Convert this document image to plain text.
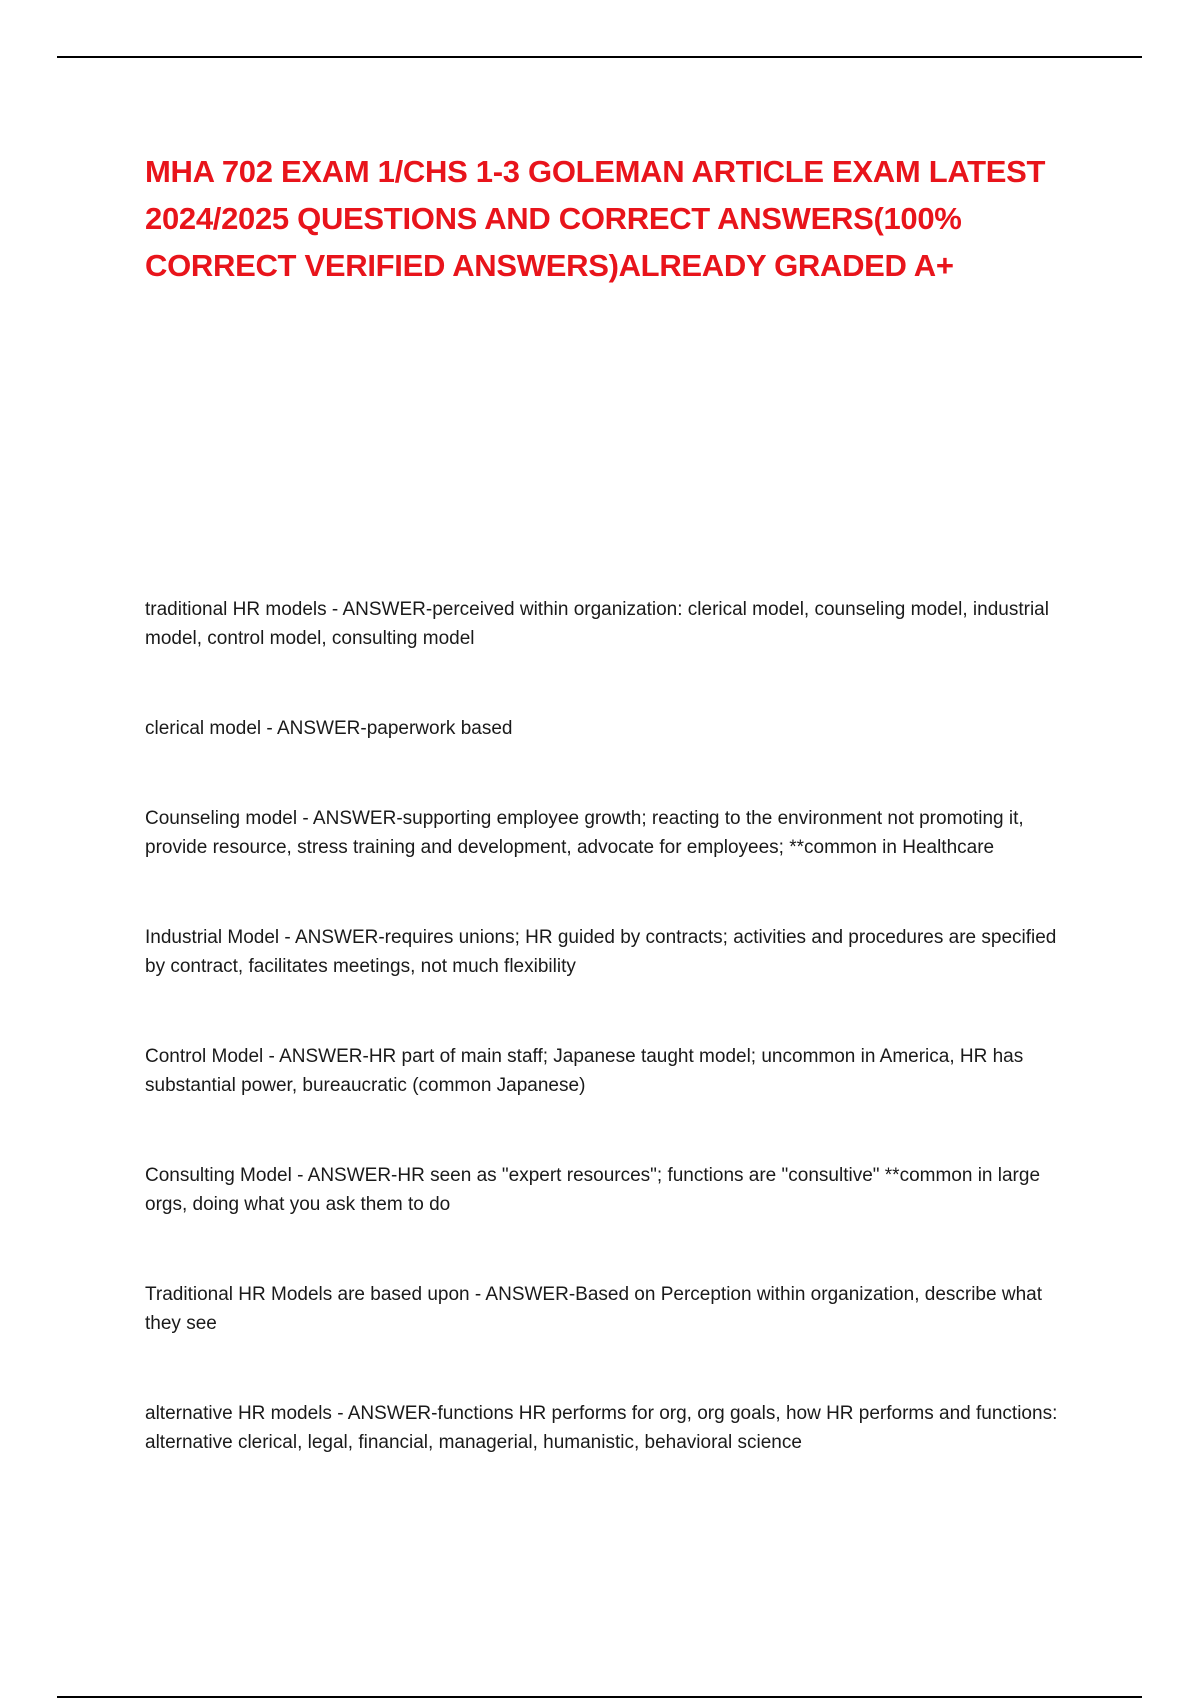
MHA 702 EXAM 1/CHS 1-3 GOLEMAN ARTICLE EXAM LATEST 2024/2025 QUESTIONS AND CORRECT ANSWERS(100% CORRECT VERIFIED ANSWERS)ALREADY GRADED A+
traditional HR models - ANSWER-perceived within organization: clerical model, counseling model, industrial model, control model, consulting model
clerical model - ANSWER-paperwork based
Counseling model - ANSWER-supporting employee growth; reacting to the environment not promoting it, provide resource, stress training and development, advocate for employees; **common in Healthcare
Industrial Model - ANSWER-requires unions; HR guided by contracts; activities and procedures are specified by contract, facilitates meetings, not much flexibility
Control Model - ANSWER-HR part of main staff; Japanese taught model; uncommon in America, HR has substantial power, bureaucratic (common Japanese)
Consulting Model - ANSWER-HR seen as "expert resources"; functions are "consultive" **common in large orgs, doing what you ask them to do
Traditional HR Models are based upon - ANSWER-Based on Perception within organization, describe what they see
alternative HR models - ANSWER-functions HR performs for org, org goals, how HR performs and functions: alternative clerical, legal, financial, managerial, humanistic, behavioral science
